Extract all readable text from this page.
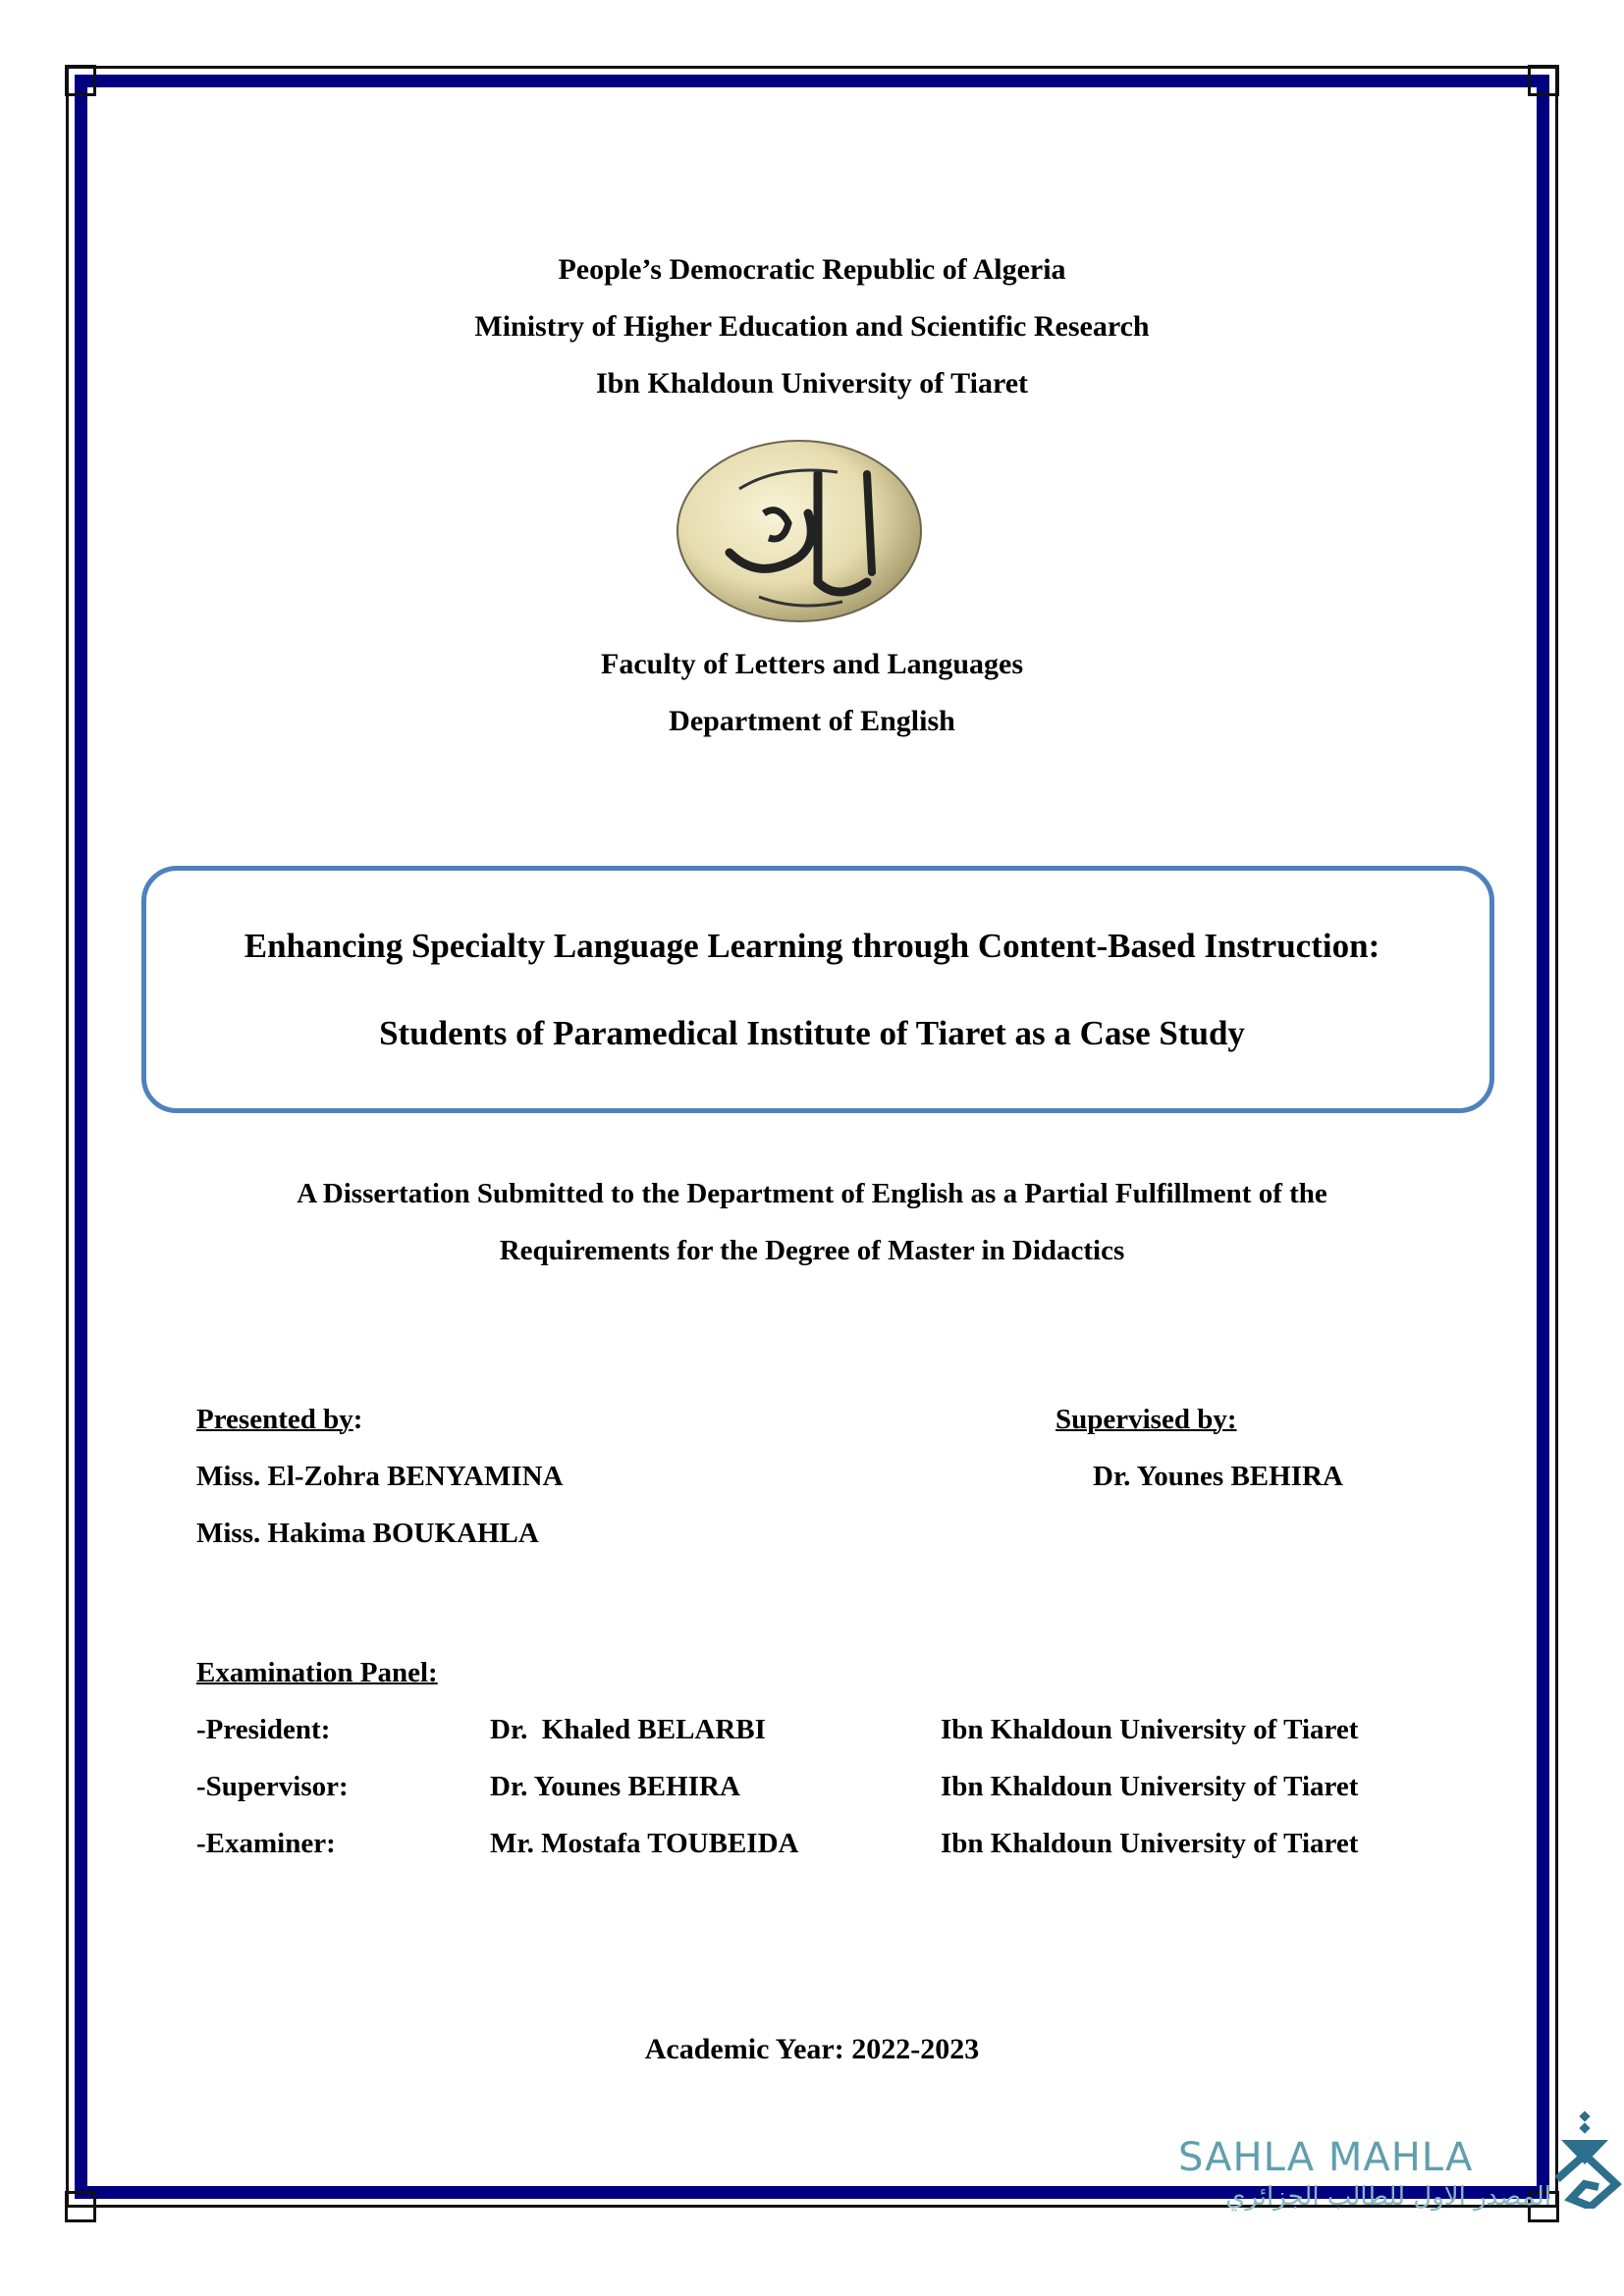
People’s Democratic Republic of Algeria
Ministry of Higher Education and Scientific Research
Ibn Khaldoun University of Tiaret
Faculty of Letters and Languages
Department of English
Enhancing Specialty Language Learning through Content-Based Instruction:
Students of Paramedical Institute of Tiaret as a Case Study
A Dissertation Submitted to the Department of English as a Partial Fulfillment of the
Requirements for the Degree of Master in Didactics
Presented by:
Miss. El-Zohra BENYAMINA
Miss. Hakima BOUKAHLA
Supervised by:
Dr. Younes BEHIRA
Examination Panel:
-President:	Dr.  Khaled BELARBI	Ibn Khaldoun University of Tiaret
-Supervisor:	Dr. Younes BEHIRA	Ibn Khaldoun University of Tiaret
-Examiner:	Mr. Mostafa TOUBEIDA	Ibn Khaldoun University of Tiaret
Academic Year: 2022-2023
SAHLA MAHLA
المصدر الاول للطالب الجزائري
